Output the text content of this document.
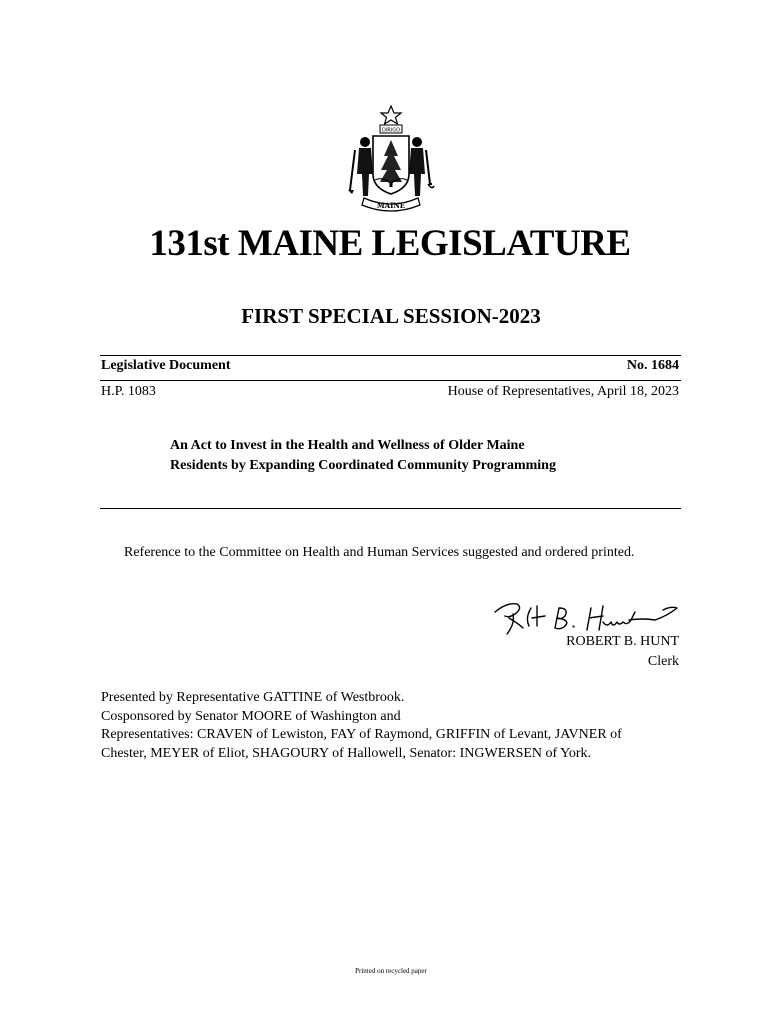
DIRIGO
MAINE
131st MAINE LEGISLATURE
FIRST SPECIAL SESSION-2023
Legislative Document	No. 1684
H.P. 1083	House of Representatives, April 18, 2023
An Act to Invest in the Health and Wellness of Older Maine
Residents by Expanding Coordinated Community Programming
Reference to the Committee on Health and Human Services suggested and ordered printed.
ROBERT B. HUNT
Clerk
Presented by Representative GATTINE of Westbrook.
Cosponsored by Senator MOORE of Washington and
Representatives: CRAVEN of Lewiston, FAY of Raymond, GRIFFIN of Levant, JAVNER of
Chester, MEYER of Eliot, SHAGOURY of Hallowell, Senator: INGWERSEN of York.
Printed on recycled paper
